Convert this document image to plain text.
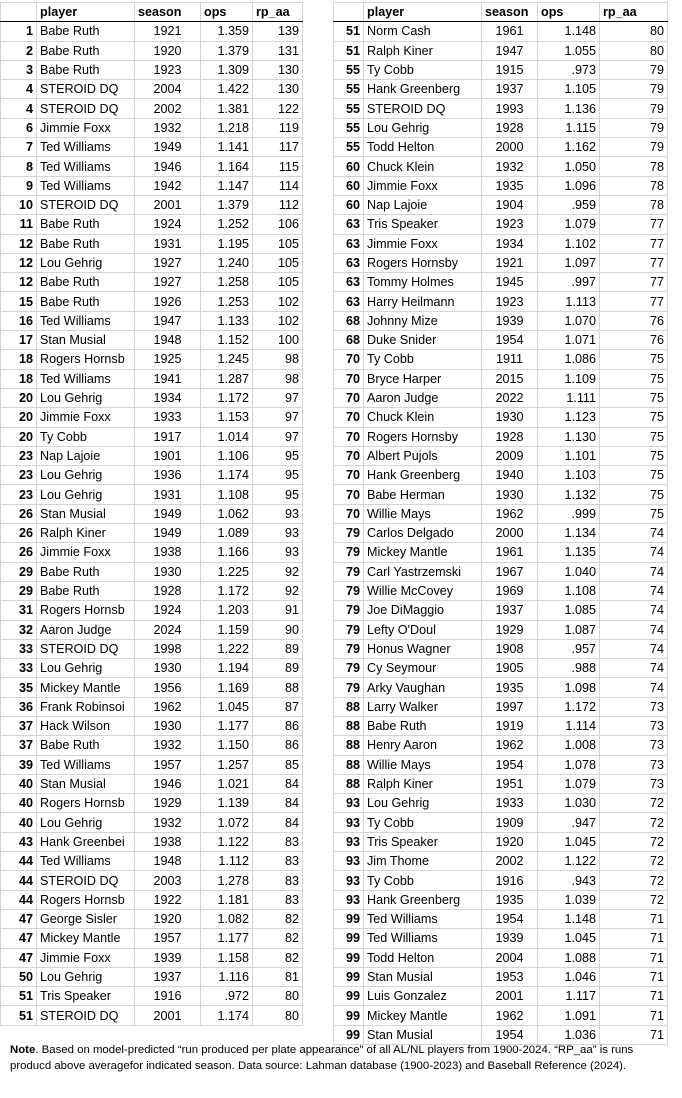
	player	season	ops	rp_aa
1	Babe Ruth	1921	1.359	139
2	Babe Ruth	1920	1.379	131
3	Babe Ruth	1923	1.309	130
4	STEROID DQ	2004	1.422	130
4	STEROID DQ	2002	1.381	122
6	Jimmie Foxx	1932	1.218	119
7	Ted Williams	1949	1.141	117
8	Ted Williams	1946	1.164	115
9	Ted Williams	1942	1.147	114
10	STEROID DQ	2001	1.379	112
11	Babe Ruth	1924	1.252	106
12	Babe Ruth	1931	1.195	105
12	Lou Gehrig	1927	1.240	105
12	Babe Ruth	1927	1.258	105
15	Babe Ruth	1926	1.253	102
16	Ted Williams	1947	1.133	102
17	Stan Musial	1948	1.152	100
18	Rogers Hornsb	1925	1.245	98
18	Ted Williams	1941	1.287	98
20	Lou Gehrig	1934	1.172	97
20	Jimmie Foxx	1933	1.153	97
20	Ty Cobb	1917	1.014	97
23	Nap Lajoie	1901	1.106	95
23	Lou Gehrig	1936	1.174	95
23	Lou Gehrig	1931	1.108	95
26	Stan Musial	1949	1.062	93
26	Ralph Kiner	1949	1.089	93
26	Jimmie Foxx	1938	1.166	93
29	Babe Ruth	1930	1.225	92
29	Babe Ruth	1928	1.172	92
31	Rogers Hornsb	1924	1.203	91
32	Aaron Judge	2024	1.159	90
33	STEROID DQ	1998	1.222	89
33	Lou Gehrig	1930	1.194	89
35	Mickey Mantle	1956	1.169	88
36	Frank Robinsoi	1962	1.045	87
37	Hack Wilson	1930	1.177	86
37	Babe Ruth	1932	1.150	86
39	Ted Williams	1957	1.257	85
40	Stan Musial	1946	1.021	84
40	Rogers Hornsb	1929	1.139	84
40	Lou Gehrig	1932	1.072	84
43	Hank Greenbei	1938	1.122	83
44	Ted Williams	1948	1.112	83
44	STEROID DQ	2003	1.278	83
44	Rogers Hornsb	1922	1.181	83
47	George Sisler	1920	1.082	82
47	Mickey Mantle	1957	1.177	82
47	Jimmie Foxx	1939	1.158	82
50	Lou Gehrig	1937	1.116	81
51	Tris Speaker	1916	.972	80
51	STEROID DQ	2001	1.174	80
	player	season	ops	rp_aa
51	Norm Cash	1961	1.148	80
51	Ralph Kiner	1947	1.055	80
55	Ty Cobb	1915	.973	79
55	Hank Greenberg	1937	1.105	79
55	STEROID DQ	1993	1.136	79
55	Lou Gehrig	1928	1.115	79
55	Todd Helton	2000	1.162	79
60	Chuck Klein	1932	1.050	78
60	Jimmie Foxx	1935	1.096	78
60	Nap Lajoie	1904	.959	78
63	Tris Speaker	1923	1.079	77
63	Jimmie Foxx	1934	1.102	77
63	Rogers Hornsby	1921	1.097	77
63	Tommy Holmes	1945	.997	77
63	Harry Heilmann	1923	1.113	77
68	Johnny Mize	1939	1.070	76
68	Duke Snider	1954	1.071	76
70	Ty Cobb	1911	1.086	75
70	Bryce Harper	2015	1.109	75
70	Aaron Judge	2022	1.111	75
70	Chuck Klein	1930	1.123	75
70	Rogers Hornsby	1928	1.130	75
70	Albert Pujols	2009	1.101	75
70	Hank Greenberg	1940	1.103	75
70	Babe Herman	1930	1.132	75
70	Willie Mays	1962	.999	75
79	Carlos Delgado	2000	1.134	74
79	Mickey Mantle	1961	1.135	74
79	Carl Yastrzemski	1967	1.040	74
79	Willie McCovey	1969	1.108	74
79	Joe DiMaggio	1937	1.085	74
79	Lefty O'Doul	1929	1.087	74
79	Honus Wagner	1908	.957	74
79	Cy Seymour	1905	.988	74
79	Arky Vaughan	1935	1.098	74
88	Larry Walker	1997	1.172	73
88	Babe Ruth	1919	1.114	73
88	Henry Aaron	1962	1.008	73
88	Willie Mays	1954	1.078	73
88	Ralph Kiner	1951	1.079	73
93	Lou Gehrig	1933	1.030	72
93	Ty Cobb	1909	.947	72
93	Tris Speaker	1920	1.045	72
93	Jim Thome	2002	1.122	72
93	Ty Cobb	1916	.943	72
93	Hank Greenberg	1935	1.039	72
99	Ted Williams	1954	1.148	71
99	Ted Williams	1939	1.045	71
99	Todd Helton	2004	1.088	71
99	Stan Musial	1953	1.046	71
99	Luis Gonzalez	2001	1.117	71
99	Mickey Mantle	1962	1.091	71
99	Stan Musial	1954	1.036	71
Note. Based on model-predicted “run produced per plate appearance” of all AL/NL players from 1900-2024. “RP_aa” is runs producd above averagefor indicated season. Data source: Lahman database (1900-2023) and Baseball Reference (2024).
